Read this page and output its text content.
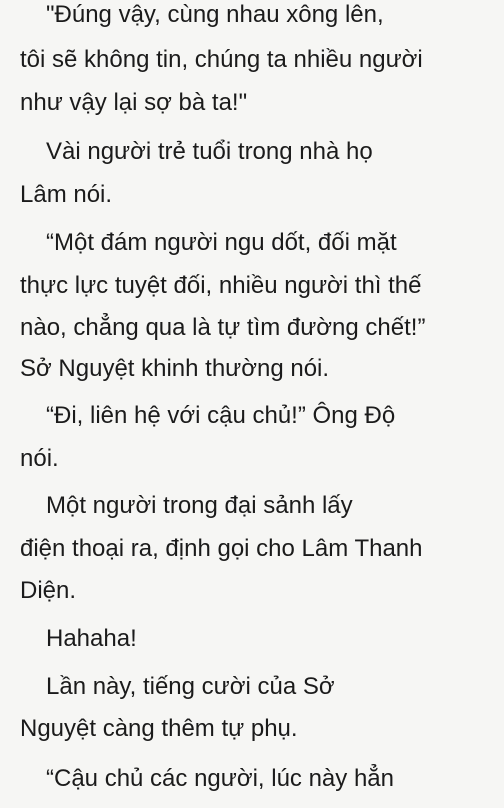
"Đúng vậy, cùng nhau xông lên,
tôi sẽ không tin, chúng ta nhiều người
như vậy lại sợ bà ta!"
Vài người trẻ tuổi trong nhà họ
Lâm nói.
“Một đám người ngu dốt, đối mặt
thực lực tuyệt đối, nhiều người thì thế
nào, chẳng qua là tự tìm đường chết!”
Sở Nguyệt khinh thường nói.
“Đi, liên hệ với cậu chủ!” Ông Độ
nói.
Một người trong đại sảnh lấy
điện thoại ra, định gọi cho Lâm Thanh
Diện.
Hahaha!
Lần này, tiếng cười của Sở
Nguyệt càng thêm tự phụ.
“Cậu chủ các người, lúc này hẳn
